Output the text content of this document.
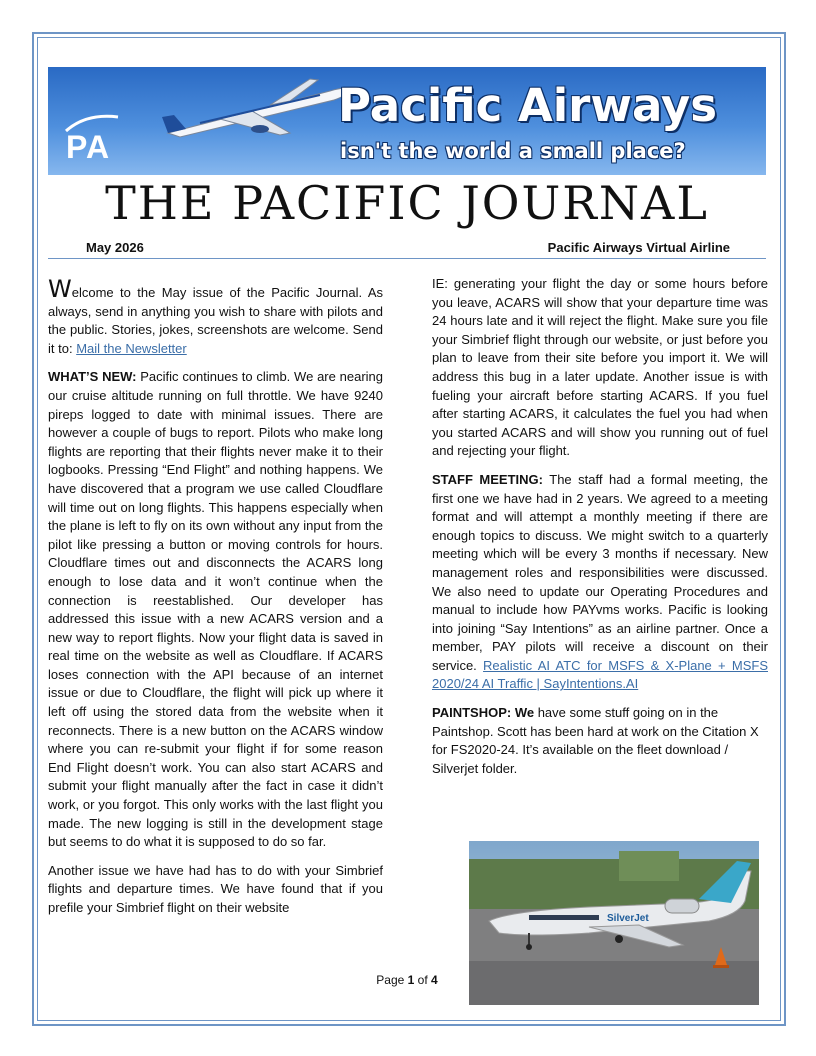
PA
Pacific Airways
isn't the world a small place?
THE PACIFIC JOURNAL
May 2026	Pacific Airways Virtual Airline

Welcome to the May issue of the Pacific Journal. As always, send in anything you wish to share with pilots and the public. Stories, jokes, screenshots are welcome. Send it to: Mail the Newsletter

WHAT’S NEW: Pacific continues to climb. We are nearing our cruise altitude running on full throttle. We have 9240 pireps logged to date with minimal issues. There are however a couple of bugs to report. Pilots who make long flights are reporting that their flights never make it to their logbooks. Pressing “End Flight” and nothing happens. We have discovered that a program we use called Cloudflare will time out on long flights. This happens especially when the plane is left to fly on its own without any input from the pilot like pressing a button or moving controls for hours. Cloudflare times out and disconnects the ACARS long enough to lose data and it won’t continue when the connection is reestablished. Our developer has addressed this issue with a new ACARS version and a new way to report flights. Now your flight data is saved in real time on the website as well as Cloudflare. If ACARS loses connection with the API because of an internet issue or due to Cloudflare, the flight will pick up where it left off using the stored data from the website when it reconnects. There is a new button on the ACARS window where you can re-submit your flight if for some reason End Flight doesn’t work. You can also start ACARS and submit your flight manually after the fact in case it didn’t work, or you forgot. This only works with the last flight you made. The new logging is still in the development stage but seems to do what it is supposed to do so far.

Another issue we have had has to do with your Simbrief flights and departure times. We have found that if you prefile your Simbrief flight on their website

IE: generating your flight the day or some hours before you leave, ACARS will show that your departure time was 24 hours late and it will reject the flight. Make sure you file your Simbrief flight through our website, or just before you plan to leave from their site before you import it. We will address this bug in a later update. Another issue is with fueling your aircraft before starting ACARS. If you fuel after starting ACARS, it calculates the fuel you had when you started ACARS and will show you running out of fuel and rejecting your flight.

STAFF MEETING: The staff had a formal meeting, the first one we have had in 2 years. We agreed to a meeting format and will attempt a monthly meeting if there are enough topics to discuss. We might switch to a quarterly meeting which will be every 3 months if necessary. New management roles and responsibilities were discussed. We also need to update our Operating Procedures and manual to include how PAYvms works. Pacific is looking into joining “Say Intentions” as an airline partner. Once a member, PAY pilots will receive a discount on their service. Realistic AI ATC for MSFS & X-Plane + MSFS 2020/24 AI Traffic | SayIntentions.AI

PAINTSHOP: We have some stuff going on in the Paintshop. Scott has been hard at work on the Citation X for FS2020-24. It’s available on the fleet download / Silverjet folder.

SilverJet
Page 1 of 4
